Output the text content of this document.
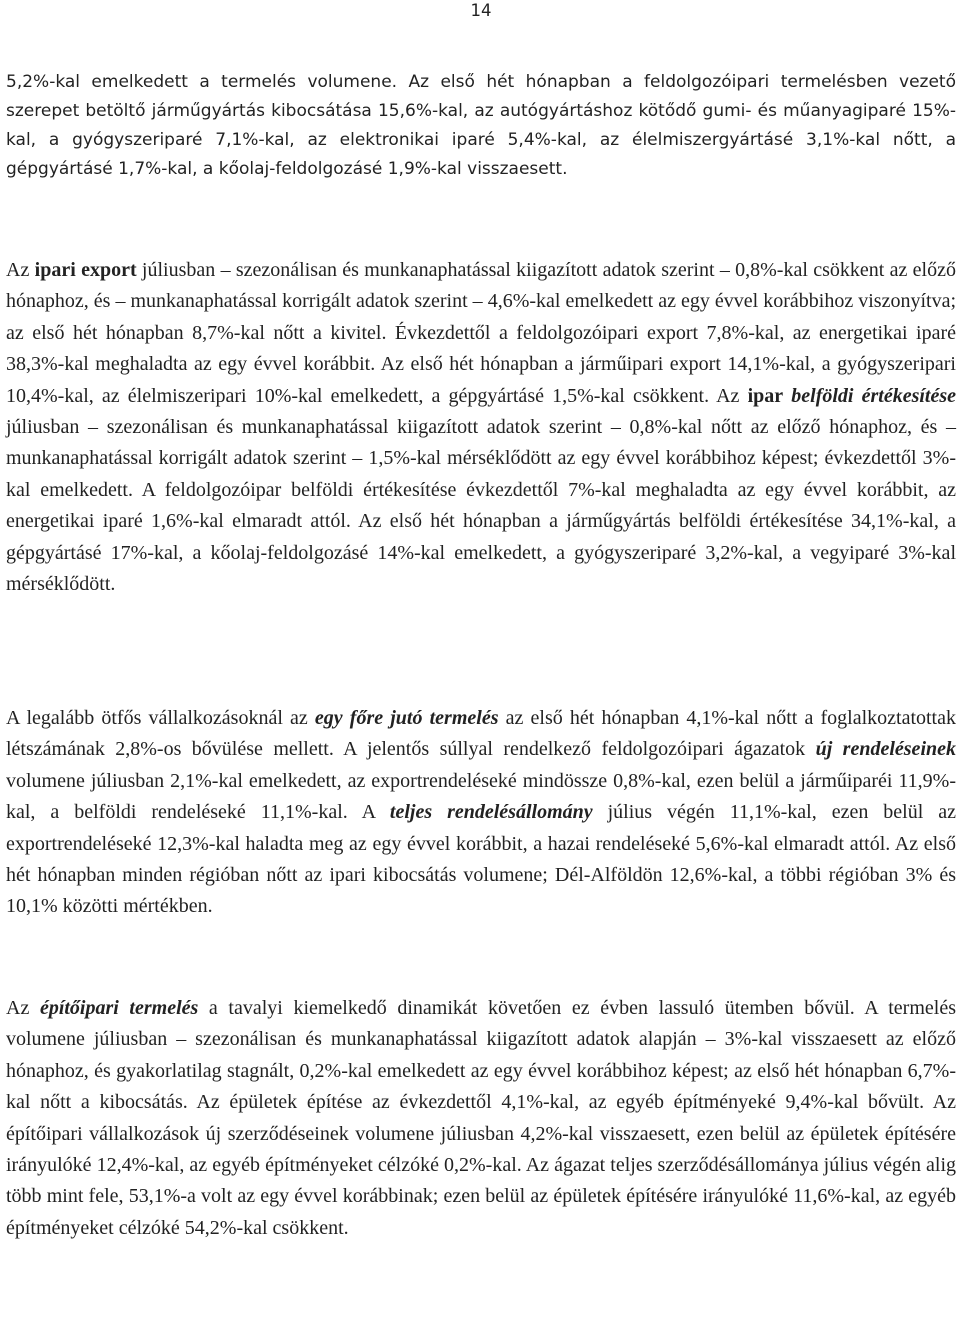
14

5,2%-kal emelkedett a termelés volumene. Az első hét hónapban a feldolgozóipari termelésben vezető szerepet betöltő járműgyártás kibocsátása 15,6%-kal, az autógyártáshoz kötődő gumi- és műanyagiparé 15%-kal, a gyógyszeriparé 7,1%-kal, az elektronikai iparé 5,4%-kal, az élelmiszergyártásé 3,1%-kal nőtt, a gépgyártásé 1,7%-kal, a kőolaj-feldolgozásé 1,9%-kal visszaesett.

Az ipari export júliusban – szezonálisan és munkanaphatással kiigazított adatok szerint – 0,8%-kal csökkent az előző hónaphoz, és – munkanaphatással korrigált adatok szerint – 4,6%-kal emelkedett az egy évvel korábbihoz viszonyítva; az első hét hónapban 8,7%-kal nőtt a kivitel. Évkezdettől a feldolgozóipari export 7,8%-kal, az energetikai iparé 38,3%-kal meghaladta az egy évvel korábbit. Az első hét hónapban a járműipari export 14,1%-kal, a gyógyszeripari 10,4%-kal, az élelmiszeripari 10%-kal emelkedett, a gépgyártásé 1,5%-kal csökkent. Az ipar belföldi értékesítése júliusban – szezonálisan és munkanaphatással kiigazított adatok szerint – 0,8%-kal nőtt az előző hónaphoz, és – munkanaphatással korrigált adatok szerint – 1,5%-kal mérséklődött az egy évvel korábbihoz képest; évkezdettől 3%-kal emelkedett. A feldolgozóipar belföldi értékesítése évkezdettől 7%-kal meghaladta az egy évvel korábbit, az energetikai iparé 1,6%-kal elmaradt attól. Az első hét hónapban a járműgyártás belföldi értékesítése 34,1%-kal, a gépgyártásé 17%-kal, a kőolaj-feldolgozásé 14%-kal emelkedett, a gyógyszeriparé 3,2%-kal, a vegyiparé 3%-kal mérséklődött.

A legalább ötfős vállalkozásoknál az egy főre jutó termelés az első hét hónapban 4,1%-kal nőtt a foglalkoztatottak létszámának 2,8%-os bővülése mellett. A jelentős súllyal rendelkező feldolgozóipari ágazatok új rendeléseinek volumene júliusban 2,1%-kal emelkedett, az exportrendeléseké mindössze 0,8%-kal, ezen belül a járműiparéi 11,9%-kal, a belföldi rendeléseké 11,1%-kal. A teljes rendelésállomány július végén 11,1%-kal, ezen belül az exportrendeléseké 12,3%-kal haladta meg az egy évvel korábbit, a hazai rendeléseké 5,6%-kal elmaradt attól. Az első hét hónapban minden régióban nőtt az ipari kibocsátás volumene; Dél-Alföldön 12,6%-kal, a többi régióban 3% és 10,1% közötti mértékben.

Az építőipari termelés a tavalyi kiemelkedő dinamikát követően ez évben lassuló ütemben bővül. A termelés volumene júliusban – szezonálisan és munkanaphatással kiigazított adatok alapján – 3%-kal visszaesett az előző hónaphoz, és gyakorlatilag stagnált, 0,2%-kal emelkedett az egy évvel korábbihoz képest; az első hét hónapban 6,7%-kal nőtt a kibocsátás. Az épületek építése az évkezdettől 4,1%-kal, az egyéb építményeké 9,4%-kal bővült. Az építőipari vállalkozások új szerződéseinek volumene júliusban 4,2%-kal visszaesett, ezen belül az épületek építésére irányulóké 12,4%-kal, az egyéb építményeket célzóké 0,2%-kal. Az ágazat teljes szerződésállománya július végén alig több mint fele, 53,1%-a volt az egy évvel korábbinak; ezen belül az épületek építésére irányulóké 11,6%-kal, az egyéb építményeket célzóké 54,2%-kal csökkent.
